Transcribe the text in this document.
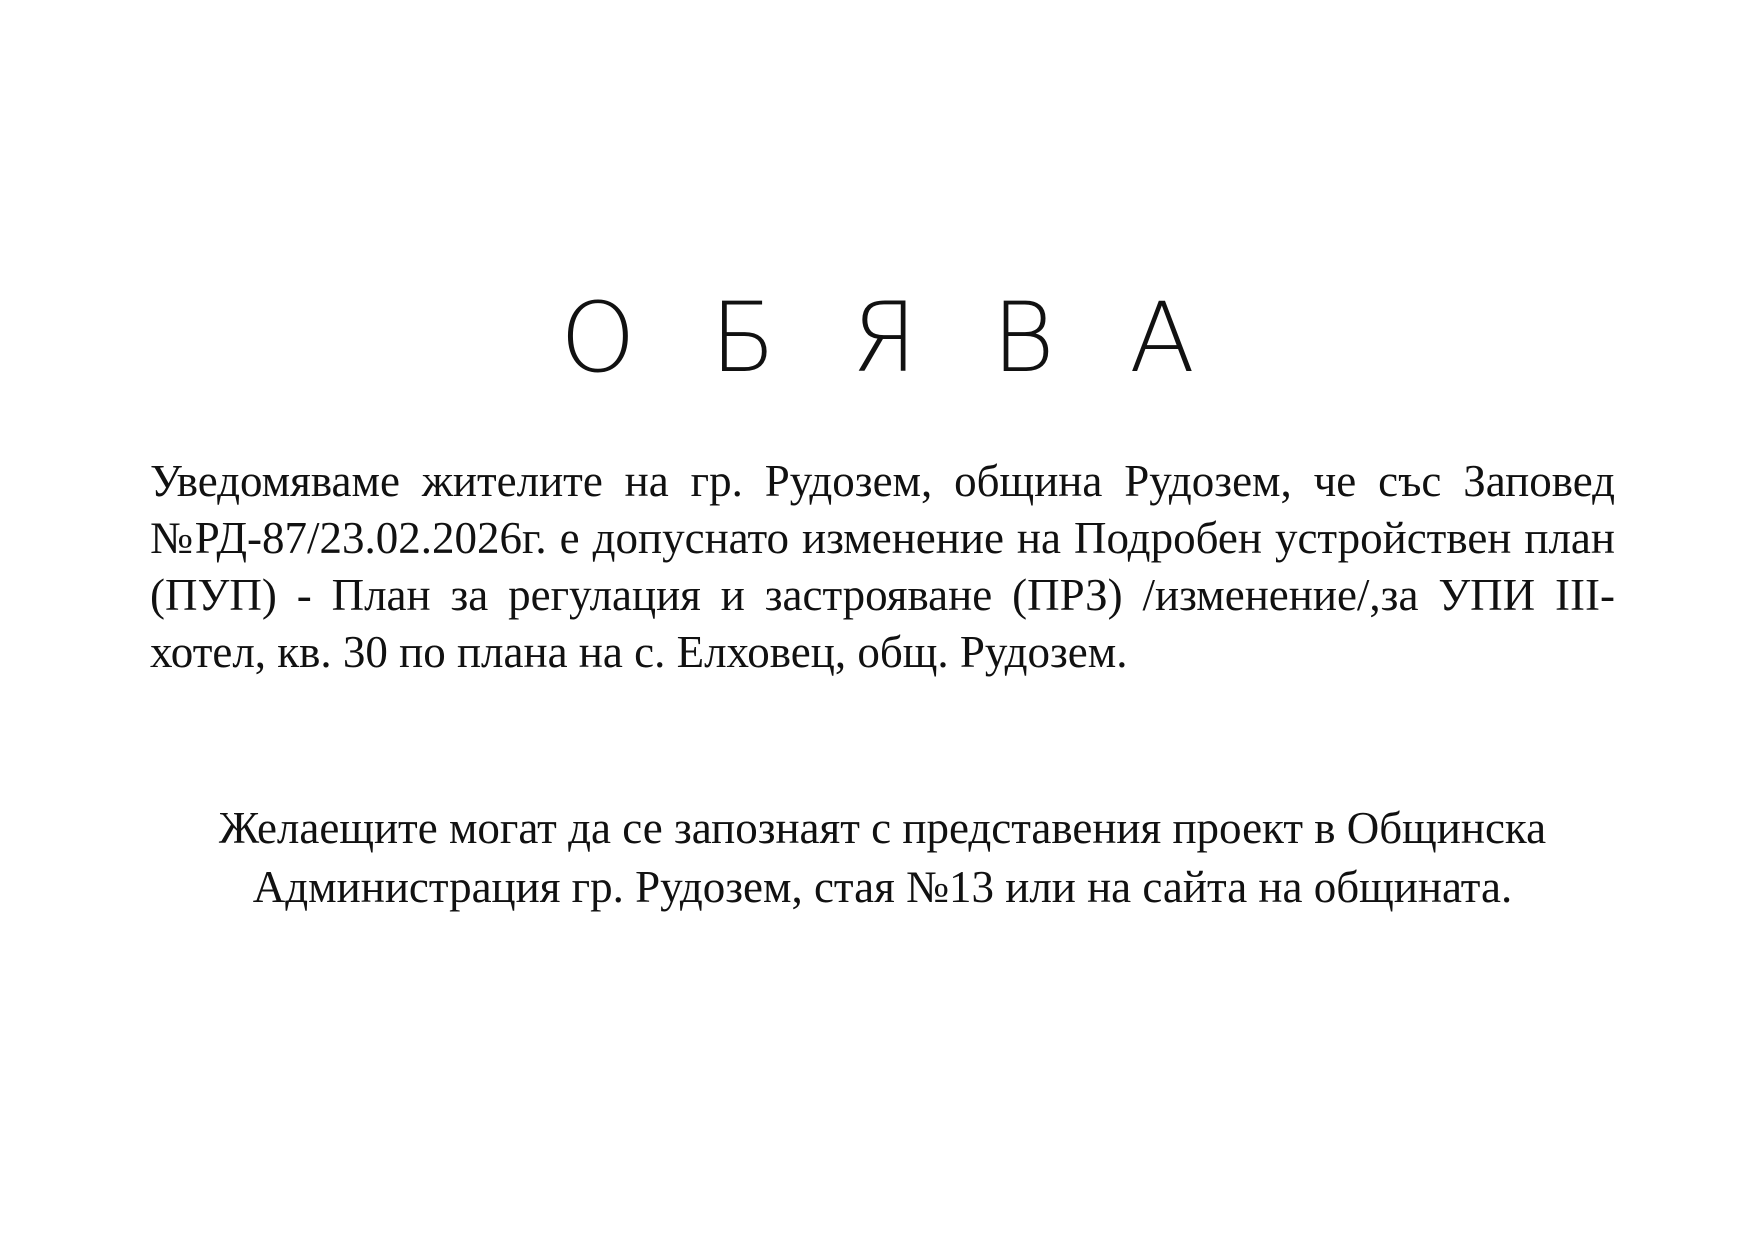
О Б Я В А

Уведомяваме жителите на гр. Рудозем, община Рудозем, че със Заповед №РД-87/23.02.2026г. е допуснато изменение на Подробен устройствен план (ПУП) - План за регулация и застрояване (ПРЗ) /изменение/,за УПИ III-хотел, кв. 30 по плана на с. Елховец, общ. Рудозем.

Желаещите могат да се запознаят с представения проект в Общинска Администрация гр. Рудозем, стая №13 или на сайта на общината.
